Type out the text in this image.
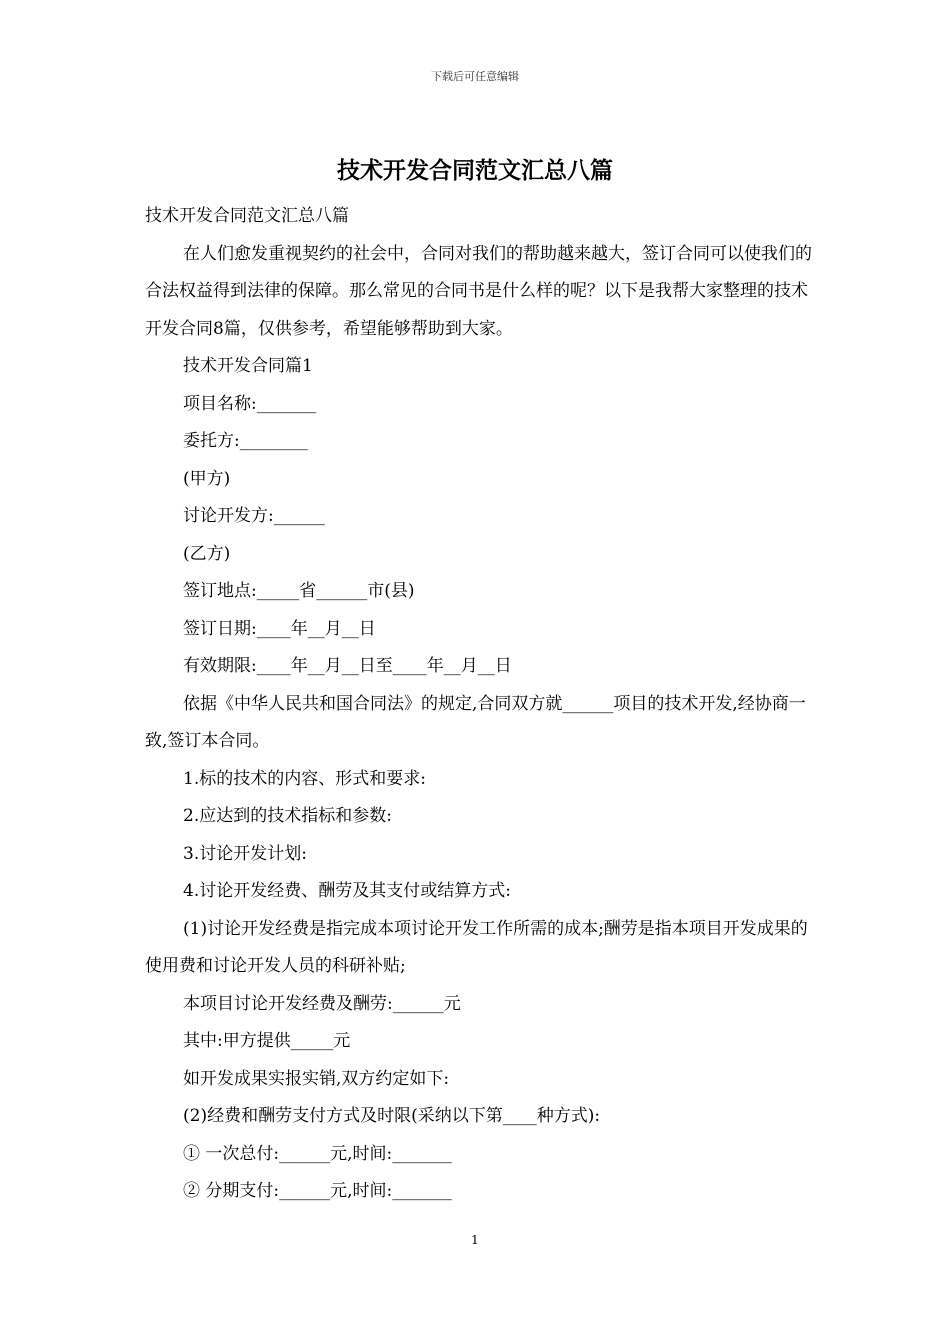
下载后可任意编辑
技术开发合同范文汇总八篇

技术开发合同范文汇总八篇

在人们愈发重视契约的社会中，合同对我们的帮助越来越大，签订合同可以使我们的合法权益得到法律的保障。那么常见的合同书是什么样的呢？以下是我帮大家整理的技术开发合同8篇，仅供参考，希望能够帮助到大家。

技术开发合同篇1

项目名称:_______

委托方:________

(甲方)

讨论开发方:______

(乙方)

签订地点:_____省______市(县)

签订日期:____年__月__日

有效期限:____年__月__日至____年__月__日

依据《中华人民共和国合同法》的规定,合同双方就______项目的技术开发,经协商一致,签订本合同。

1.标的技术的内容、形式和要求:

2.应达到的技术指标和参数:

3.讨论开发计划:

4.讨论开发经费、酬劳及其支付或结算方式:

(1)讨论开发经费是指完成本项讨论开发工作所需的成本;酬劳是指本项目开发成果的使用费和讨论开发人员的科研补贴;

本项目讨论开发经费及酬劳:______元

其中:甲方提供_____元

如开发成果实报实销,双方约定如下:

(2)经费和酬劳支付方式及时限(采纳以下第____种方式):

① 一次总付:______元,时间:_______

② 分期支付:______元,时间:_______

1
